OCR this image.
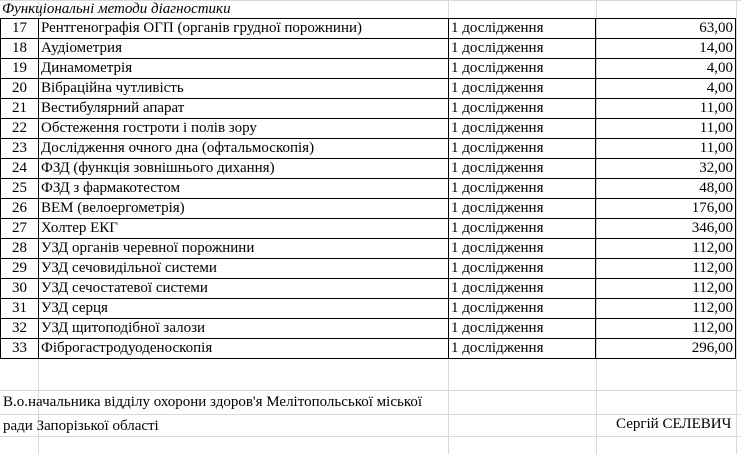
Функціональні методи діагностики
17	Рентгенографія ОГП (органів грудної порожнини)	1 дослідження	63,00
18	Аудіометрия	1 дослідження	14,00
19	Динамометрія	1 дослідження	4,00
20	Вібраційна чутливість	1 дослідження	4,00
21	Вестибулярний апарат	1 дослідження	11,00
22	Обстеження гостроти і полів зору	1 дослідження	11,00
23	Дослідження очного дна (офтальмоскопія)	1 дослідження	11,00
24	ФЗД (функція зовнішнього дихання)	1 дослідження	32,00
25	ФЗД з фармакотестом	1 дослідження	48,00
26	ВЕМ (велоергометрія)	1 дослідження	176,00
27	Холтер ЕКГ	1 дослідження	346,00
28	УЗД органів черевної порожнини	1 дослідження	112,00
29	УЗД сечовидільної системи	1 дослідження	112,00
30	УЗД сечостатевої системи	1 дослідження	112,00
31	УЗД серця	1 дослідження	112,00
32	УЗД щитоподібної залози	1 дослідження	112,00
33	Фіброгастродуоденоскопія	1 дослідження	296,00
В.о.начальника відділу охорони здоров'я Мелітопольської міської
ради Запорізької області	Сергій СЕЛЕВИЧ
